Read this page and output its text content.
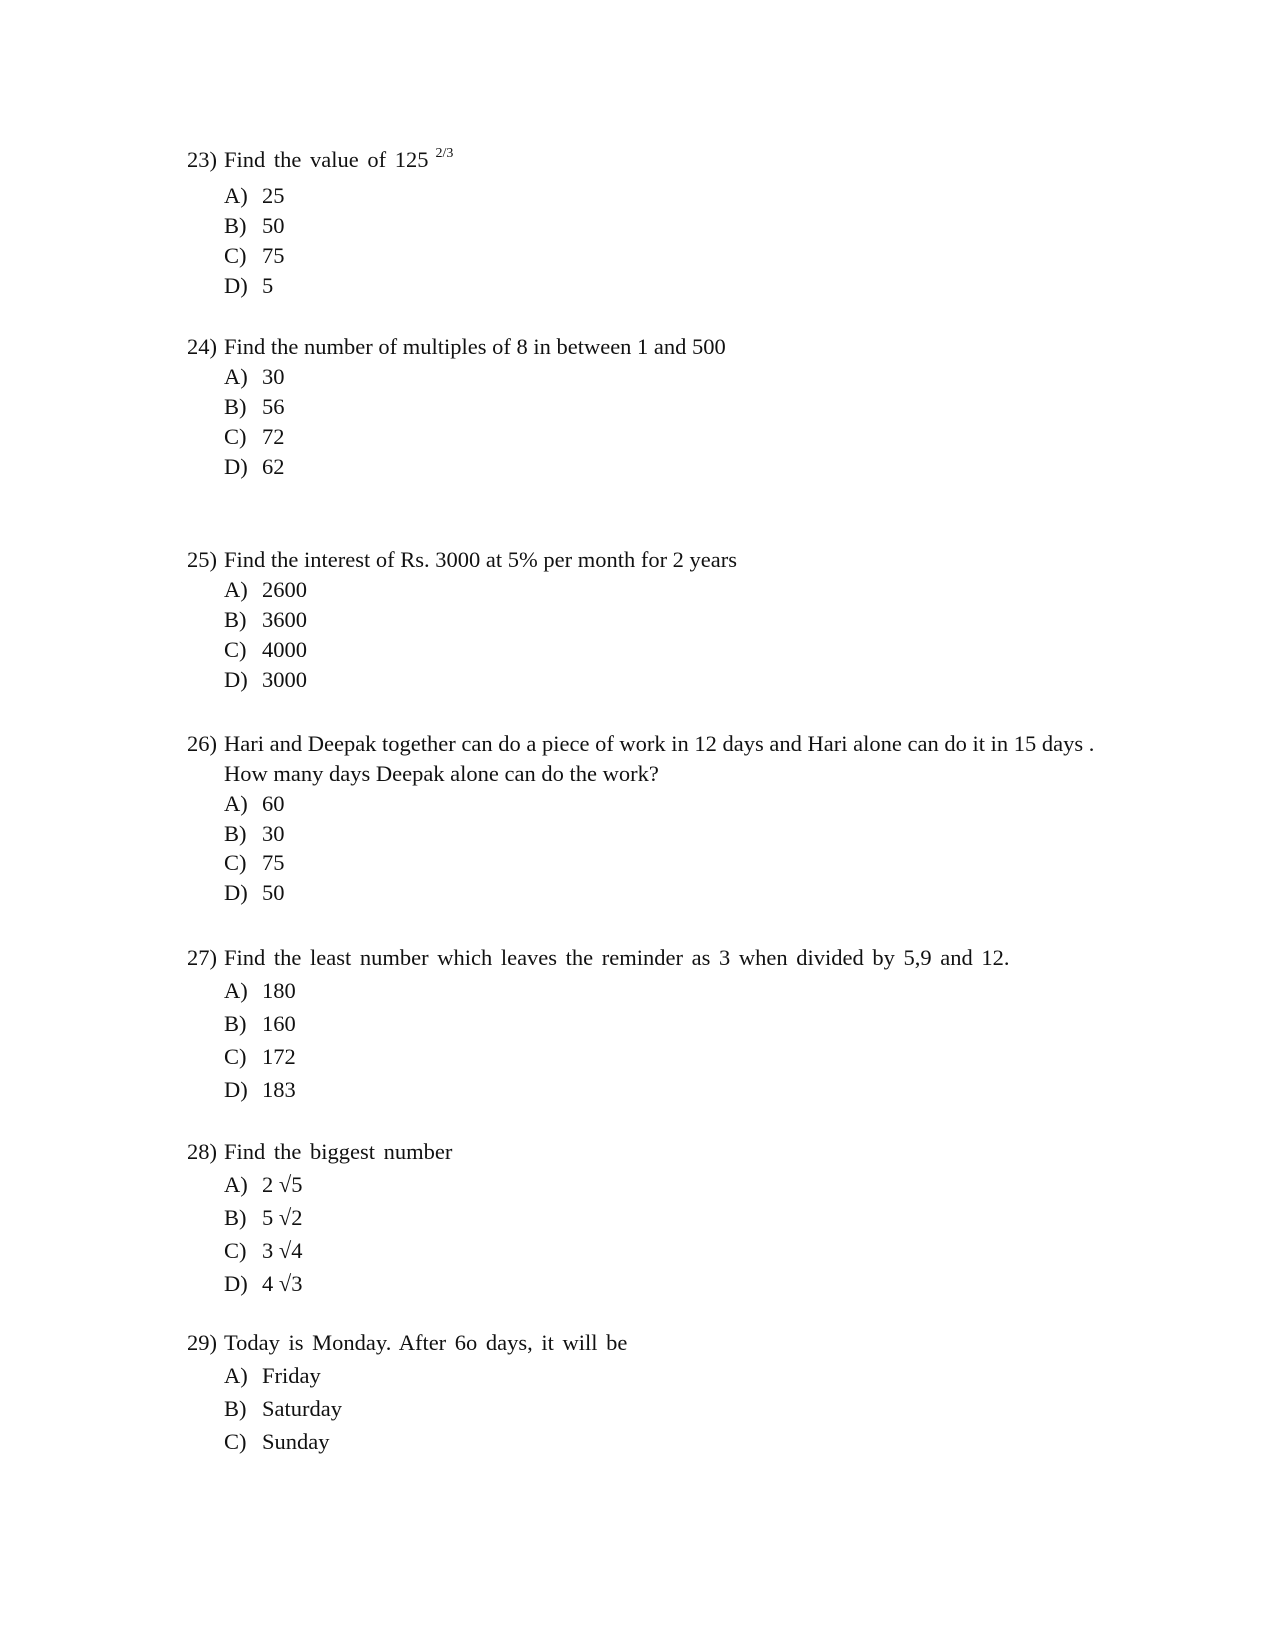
23) Find the value of 125 2/3
A) 25
B) 50
C) 75
D) 5
24) Find the number of multiples of 8 in between 1 and 500
A) 30
B) 56
C) 72
D) 62
25) Find the interest of Rs. 3000 at 5% per month for 2 years
A) 2600
B) 3600
C) 4000
D) 3000
26) Hari and Deepak together can do a piece of work in 12 days and Hari alone can do it in 15 days .
How many days Deepak alone can do the work?
A) 60
B) 30
C) 75
D) 50
27) Find the least number which leaves the reminder as 3 when divided by 5,9 and 12.
A) 180
B) 160
C) 172
D) 183
28) Find the biggest number
A) 2 √5
B) 5 √2
C) 3 √4
D) 4 √3
29) Today is Monday. After 6o days, it will be
A) Friday
B) Saturday
C) Sunday
